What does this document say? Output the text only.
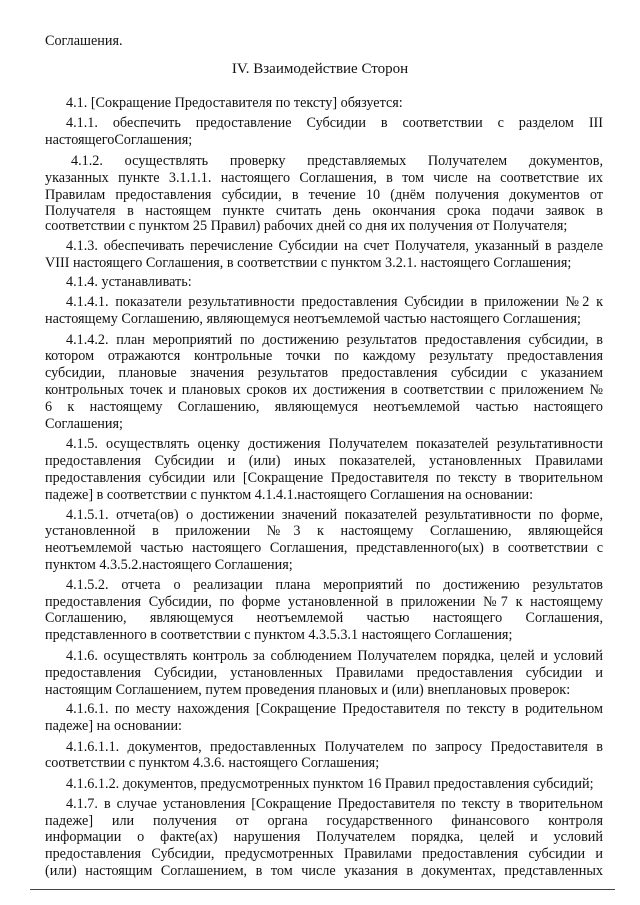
Соглашения.
IV. Взаимодействие Сторон
4.1. [Сокращение Предоставителя по тексту] обязуется:
4.1.1. обеспечить предоставление Субсидии в соответствии с разделом III
настоящегоСоглашения;
4.1.2. осуществлять проверку представляемых Получателем документов,
указанных пункте 3.1.1.1. настоящего Соглашения, в том числе на соответствие их
Правилам предоставления субсидии, в течение 10 (днём получения документов от
Получателя в настоящем пункте считать день окончания срока подачи заявок в
соответствии с пунктом 25 Правил) рабочих дней со дня их получения от Получателя;
4.1.3. обеспечивать перечисление Субсидии на счет Получателя, указанный в разделе
VIII настоящего Соглашения, в соответствии с пунктом 3.2.1. настоящего Соглашения;
4.1.4. устанавливать:
4.1.4.1. показатели результативности предоставления Субсидии в приложении №2 к
настоящему Соглашению, являющемуся неотъемлемой частью настоящего Соглашения;
4.1.4.2. план мероприятий по достижению результатов предоставления субсидии, в
котором отражаются контрольные точки по каждому результату предоставления
субсидии, плановые значения результатов предоставления субсидии с указанием
контрольных точек и плановых сроков их достижения в соответствии с приложением №
6 к настоящему Соглашению, являющемуся неотъемлемой частью настоящего
Соглашения;
4.1.5. осуществлять оценку достижения Получателем показателей результативности
предоставления Субсидии и (или) иных показателей, установленных Правилами
предоставления субсидии или [Сокращение Предоставителя по тексту в творительном
падеже] в соответствии с пунктом 4.1.4.1.настоящего Соглашения на основании:
4.1.5.1. отчета(ов) о достижении значений показателей результативности по форме,
установленной в приложении №3 к настоящему Соглашению, являющейся
неотъемлемой частью настоящего Соглашения, представленного(ых) в соответствии с
пунктом 4.3.5.2.настоящего Соглашения;
4.1.5.2. отчета о реализации плана мероприятий по достижению результатов
предоставления Субсидии, по форме установленной в приложении №7 к настоящему
Соглашению, являющемуся неотъемлемой частью настоящего Соглашения,
представленного в соответствии с пунктом 4.3.5.3.1 настоящего Соглашения;
4.1.6. осуществлять контроль за соблюдением Получателем порядка, целей и условий
предоставления Субсидии, установленных Правилами предоставления субсидии и
настоящим Соглашением, путем проведения плановых и (или) внеплановых проверок:
4.1.6.1. по месту нахождения [Сокращение Предоставителя по тексту в родительном
падеже] на основании:
4.1.6.1.1. документов, предоставленных Получателем по запросу Предоставителя в
соответствии с пунктом 4.3.6. настоящего Соглашения;
4.1.6.1.2. документов, предусмотренных пунктом 16 Правил предоставления субсидий;
4.1.7. в случае установления [Сокращение Предоставителя по тексту в творительном
падеже] или получения от органа государственного финансового контроля
информации о факте(ах) нарушения Получателем порядка, целей и условий
предоставления Субсидии, предусмотренных Правилами предоставления субсидии и
(или) настоящим Соглашением, в том числе указания в документах, представленных
